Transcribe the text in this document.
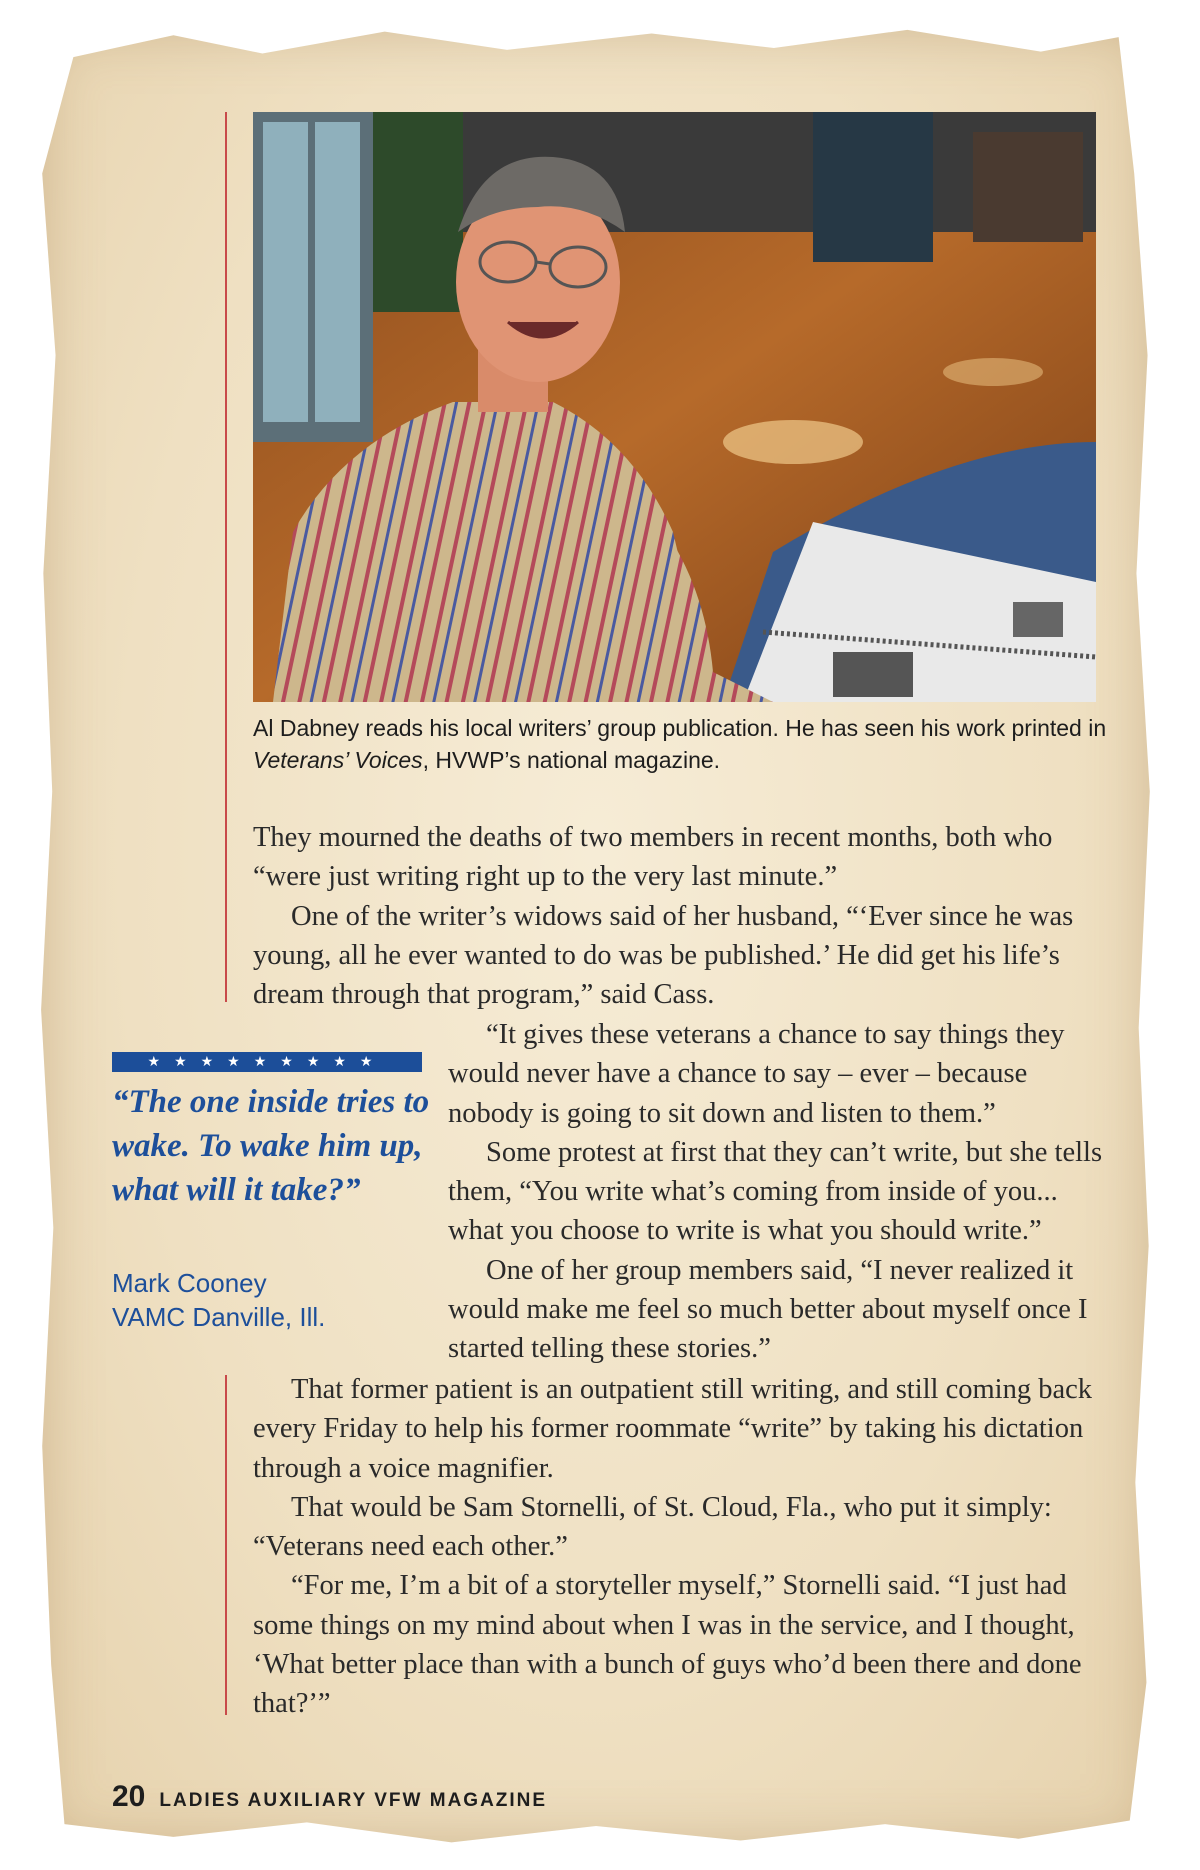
Al Dabney reads his local writers’ group publication. He has seen his work printed in Veterans’ Voices, HVWP’s national magazine.

They mourned the deaths of two members in recent months, both who “were just writing right up to the very last minute.”

One of the writer’s widows said of her husband, “‘Ever since he was young, all he ever wanted to do was be published.’ He did get his life’s dream through that program,” said Cass.

★★★★★★★★★
“The one inside tries to wake. To wake him up, what will it take?”
Mark Cooney
VAMC Danville, Ill.

“It gives these veterans a chance to say things they would never have a chance to say – ever – because nobody is going to sit down and listen to them.”

Some protest at first that they can’t write, but she tells them, “You write what’s coming from inside of you... what you choose to write is what you should write.”

One of her group members said, “I never realized it would make me feel so much better about myself once I started telling these stories.”

That former patient is an outpatient still writing, and still coming back every Friday to help his former roommate “write” by taking his dictation through a voice magnifier.

That would be Sam Stornelli, of St. Cloud, Fla., who put it simply: “Veterans need each other.”

“For me, I’m a bit of a storyteller myself,” Stornelli said. “I just had some things on my mind about when I was in the service, and I thought, ‘What better place than with a bunch of guys who’d been there and done that?’”

20 LADIES AUXILIARY VFW MAGAZINE
